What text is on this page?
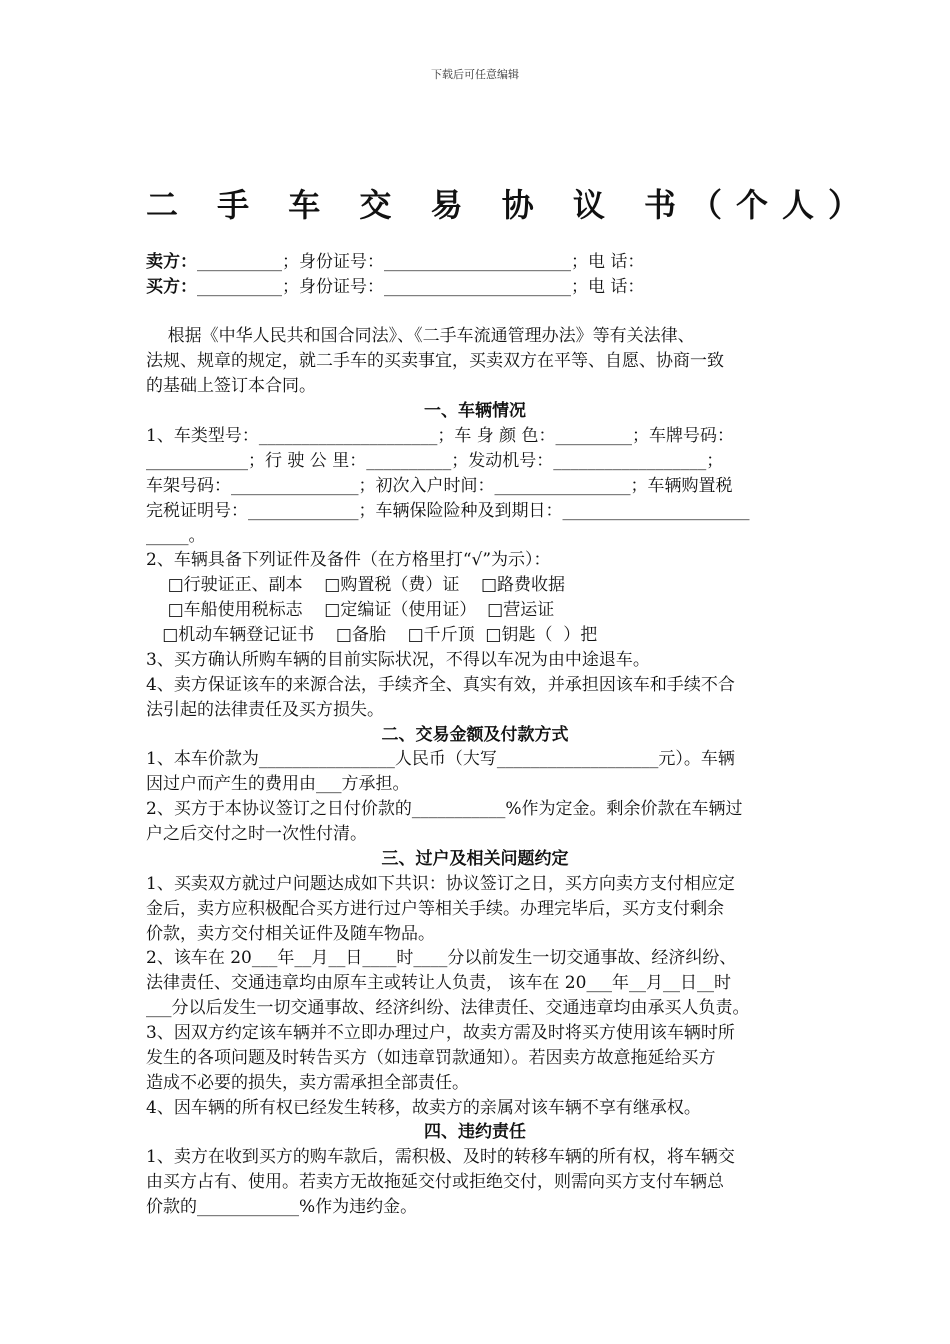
下载后可任意编辑
二 手 车 交 易 协 议 书（个人）
卖方：__________；身份证号：______________________；电 话：
买方：__________；身份证号：______________________；电 话：
根据《中华人民共和国合同法》、《二手车流通管理办法》等有关法律、
法规、规章的规定，就二手车的买卖事宜，买卖双方在平等、自愿、协商一致
的基础上签订本合同。
一、车辆情况
1、车类型号：_____________________；车 身 颜 色：_________；车牌号码：
____________；行 驶 公 里：__________；发动机号：__________________；
车架号码：_______________；初次入户时间：________________；车辆购置税
完税证明号：_____________；车辆保险险种及到期日：______________________
_____。
2、车辆具备下列证件及备件（在方格里打“√”为示）：
□行驶证正、副本    □购置税（费）证    □路费收据
□车船使用税标志    □定编证（使用证）  □营运证
□机动车辆登记证书    □备胎    □千斤顶  □钥匙（  ）把
3、买方确认所购车辆的目前实际状况，不得以车况为由中途退车。
4、卖方保证该车的来源合法，手续齐全、真实有效，并承担因该车和手续不合
法引起的法律责任及买方损失。
二、交易金额及付款方式
1、本车价款为________________人民币（大写___________________元）。车辆
因过户而产生的费用由___方承担。
2、买方于本协议签订之日付价款的___________%作为定金。剩余价款在车辆过
户之后交付之时一次性付清。
三、过户及相关问题约定
1、买卖双方就过户问题达成如下共识：协议签订之日，买方向卖方支付相应定
金后，卖方应积极配合买方进行过户等相关手续。办理完毕后，买方支付剩余
价款，卖方交付相关证件及随车物品。
2、该车在 20___年__月__日____时____分以前发生一切交通事故、经济纠纷、
法律责任、交通违章均由原车主或转让人负责， 该车在 20___年__月__日__时
___分以后发生一切交通事故、经济纠纷、法律责任、交通违章均由承买人负责。
3、因双方约定该车辆并不立即办理过户，故卖方需及时将买方使用该车辆时所
发生的各项问题及时转告买方（如违章罚款通知）。若因卖方故意拖延给买方
造成不必要的损失，卖方需承担全部责任。
4、因车辆的所有权已经发生转移，故卖方的亲属对该车辆不享有继承权。
四、违约责任
1、卖方在收到买方的购车款后，需积极、及时的转移车辆的所有权，将车辆交
由买方占有、使用。若卖方无故拖延交付或拒绝交付，则需向买方支付车辆总
价款的____________%作为违约金。
